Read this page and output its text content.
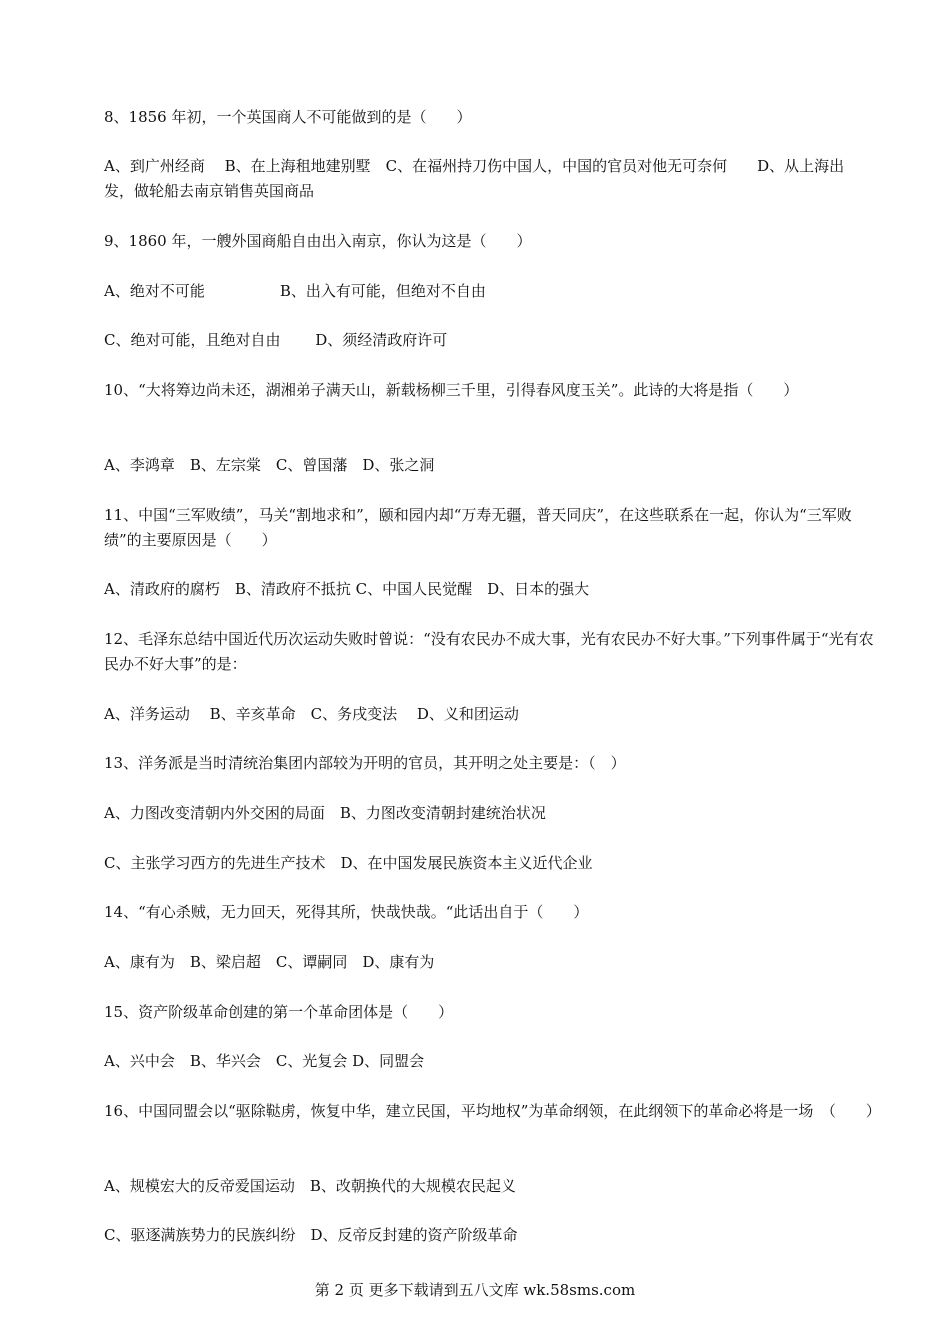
8、1856 年初，一个英国商人不可能做到的是（　　）
A、到广州经商　 B、在上海租地建别墅　C、在福州持刀伤中国人，中国的官员对他无可奈何　　D、从上海出发，做轮船去南京销售英国商品
9、1860 年，一艘外国商船自由出入南京，你认为这是（　　）
A、绝对不可能　　　　　B、出入有可能，但绝对不自由
C、绝对可能，且绝对自由　　 D、须经清政府许可
10、“大将筹边尚未还，湖湘弟子满天山，新载杨柳三千里，引得春风度玉关”。此诗的大将是指（　　）
A、李鸿章　B、左宗棠　C、曾国藩　D、张之洞
11、中国“三军败绩”，马关“割地求和”，颐和园内却“万寿无疆，普天同庆”，在这些联系在一起，你认为“三军败绩”的主要原因是（　　）
A、清政府的腐朽　B、清政府不抵抗 C、中国人民觉醒　D、日本的强大
12、毛泽东总结中国近代历次运动失败时曾说：“没有农民办不成大事，光有农民办不好大事。”下列事件属于“光有农民办不好大事”的是：
A、洋务运动　 B、辛亥革命　C、务戌变法　 D、义和团运动
13、洋务派是当时清统治集团内部较为开明的官员，其开明之处主要是：（　）
A、力图改变清朝内外交困的局面　B、力图改变清朝封建统治状况
C、主张学习西方的先进生产技术　D、在中国发展民族资本主义近代企业
14、“有心杀贼，无力回天，死得其所，快哉快哉。“此话出自于（　　）
A、康有为　B、梁启超　C、谭嗣同　D、康有为
15、资产阶级革命创建的第一个革命团体是（　　）
A、兴中会　B、华兴会　C、光复会 D、同盟会
16、中国同盟会以“驱除鞑虏，恢复中华，建立民国，平均地权”为革命纲领，在此纲领下的革命必将是一场　（　　）
A、规模宏大的反帝爱国运动　B、改朝换代的大规模农民起义
C、驱逐满族势力的民族纠纷　D、反帝反封建的资产阶级革命
第 2 页 更多下载请到五八文库 wk.58sms.com
